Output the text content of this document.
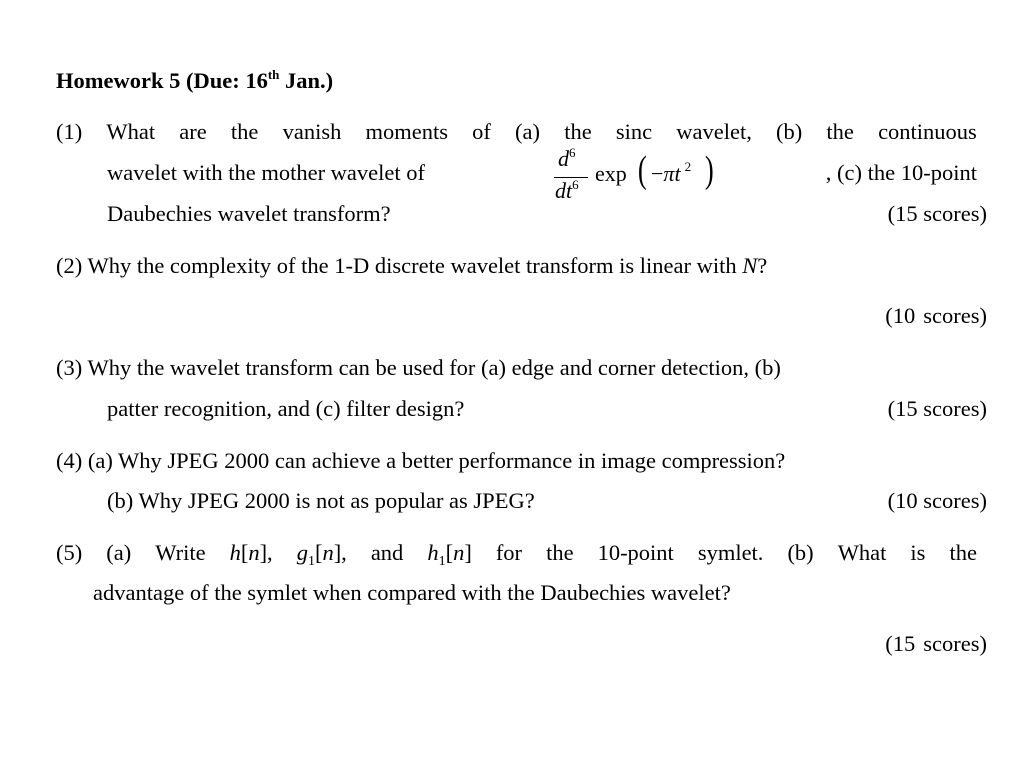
Homework 5 (Due: 16th Jan.)
(1) What are the vanish moments of (a) the sinc wavelet, (b) the continuous
wavelet with the mother wavelet of
$d^6$
$dt^6$ exp ( −πt $^2$ )	, (c) the 10-point
Daubechies wavelet transform?	(15 scores)
(2) Why the complexity of the 1-D discrete wavelet transform is linear with N?
(10 scores)
(3) Why the wavelet transform can be used for (a) edge and corner detection, (b)
patter recognition, and (c) filter design?	(15 scores)
(4) (a) Why JPEG 2000 can achieve a better performance in image compression?
(b) Why JPEG 2000 is not as popular as JPEG?	(10 scores)
(5) (a) Write h[n], $g_1[n]$, and $h_1[n]$ for the 10-point symlet. (b) What is the
advantage of the symlet when compared with the Daubechies wavelet?
(15 scores)
